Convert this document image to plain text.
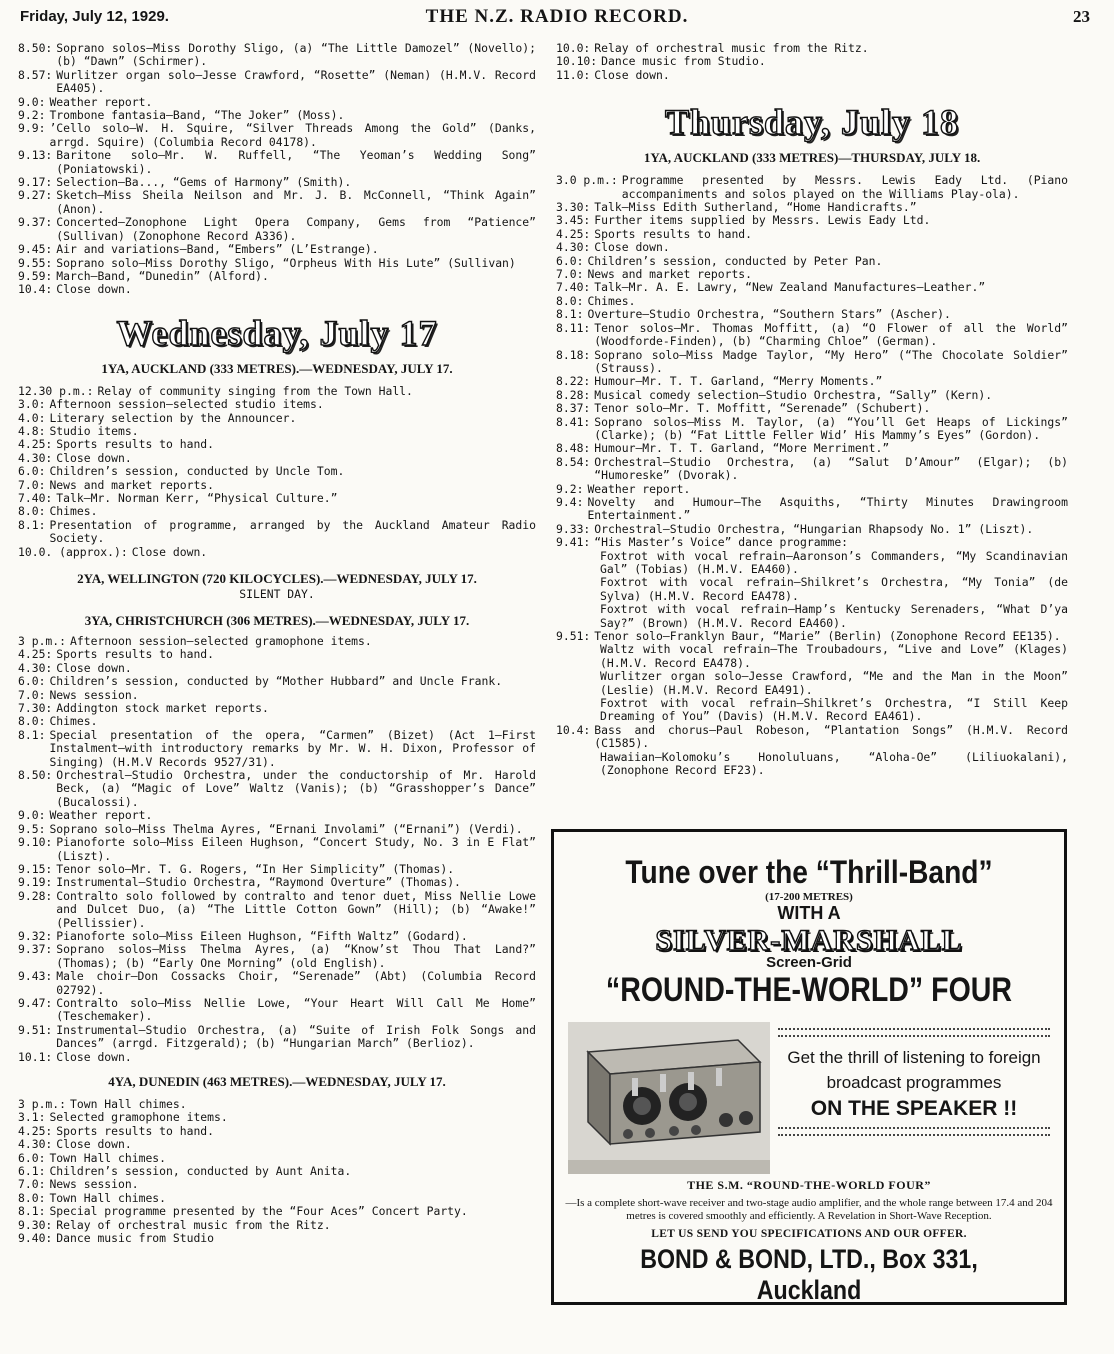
Friday, July 12, 1929.	THE N.Z. RADIO RECORD.	23
8.50: Soprano solos—Miss Dorothy Sligo, (a) “The Little Damozel” (Novello); (b) “Dawn” (Schirmer).
8.57: Wurlitzer organ solo—Jesse Crawford, “Rosette” (Neman) (H.M.V. Record EA405).
9.0: Weather report.
9.2: Trombone fantasia—Band, “The Joker” (Moss).
9.9: ’Cello solo—W. H. Squire, “Silver Threads Among the Gold” (Danks, arrgd. Squire) (Columbia Record 04178).
9.13: Baritone solo—Mr. W. Ruffell, “The Yeoman’s Wedding Song” (Poniatowski).
9.17: Selection—Ba..., “Gems of Harmony” (Smith).
9.27: Sketch—Miss Sheila Neilson and Mr. J. B. McConnell, “Think Again” (Anon).
9.37: Concerted—Zonophone Light Opera Company, Gems from “Patience” (Sullivan) (Zonophone Record A336).
9.45: Air and variations—Band, “Embers” (L’Estrange).
9.55: Soprano solo—Miss Dorothy Sligo, “Orpheus With His Lute” (Sullivan)
9.59: March—Band, “Dunedin” (Alford).
10.4: Close down.
Wednesday, July 17

1YA, AUCKLAND (333 METRES).—WEDNESDAY, JULY 17.

12.30 p.m.: Relay of community singing from the Town Hall.
3.0: Afternoon session—selected studio items.
4.0: Literary selection by the Announcer.
4.8: Studio items.
4.25: Sports results to hand.
4.30: Close down.
6.0: Children’s session, conducted by Uncle Tom.
7.0: News and market reports.
7.40: Talk—Mr. Norman Kerr, “Physical Culture.”
8.0: Chimes.
8.1: Presentation of programme, arranged by the Auckland Amateur Radio Society.
10.0. (approx.): Close down.

2YA, WELLINGTON (720 KILOCYCLES).—WEDNESDAY, JULY 17.

SILENT DAY.

3YA, CHRISTCHURCH (306 METRES).—WEDNESDAY, JULY 17.

3 p.m.: Afternoon session—selected gramophone items.
4.25: Sports results to hand.
4.30: Close down.
6.0: Children’s session, conducted by “Mother Hubbard” and Uncle Frank.
7.0: News session.
7.30: Addington stock market reports.
8.0: Chimes.
8.1: Special presentation of the opera, “Carmen” (Bizet) (Act 1—First Instalment—with introductory remarks by Mr. W. H. Dixon, Professor of Singing) (H.M.V Records 9527/31).
8.50: Orchestral—Studio Orchestra, under the conductorship of Mr. Harold Beck, (a) “Magic of Love” Waltz (Vanis); (b) “Grasshopper’s Dance” (Bucalossi).
9.0: Weather report.
9.5: Soprano solo—Miss Thelma Ayres, “Ernani Involami” (“Ernani”) (Verdi).
9.10: Pianoforte solo—Miss Eileen Hughson, “Concert Study, No. 3 in E Flat” (Liszt).
9.15: Tenor solo—Mr. T. G. Rogers, “In Her Simplicity” (Thomas).
9.19: Instrumental—Studio Orchestra, “Raymond Overture” (Thomas).
9.28: Contralto solo followed by contralto and tenor duet, Miss Nellie Lowe and Dulcet Duo, (a) “The Little Cotton Gown” (Hill); (b) “Awake!” (Pellissier).
9.32: Pianoforte solo—Miss Eileen Hughson, “Fifth Waltz” (Godard).
9.37: Soprano solos—Miss Thelma Ayres, (a) “Know’st Thou That Land?” (Thomas); (b) “Early One Morning” (old English).
9.43: Male choir—Don Cossacks Choir, “Serenade” (Abt) (Columbia Record 02792).
9.47: Contralto solo—Miss Nellie Lowe, “Your Heart Will Call Me Home” (Teschemaker).
9.51: Instrumental—Studio Orchestra, (a) “Suite of Irish Folk Songs and Dances” (arrgd. Fitzgerald); (b) “Hungarian March” (Berlioz).
10.1: Close down.

4YA, DUNEDIN (463 METRES).—WEDNESDAY, JULY 17.

3 p.m.: Town Hall chimes.
3.1: Selected gramophone items.
4.25: Sports results to hand.
4.30: Close down.
6.0: Town Hall chimes.
6.1: Children’s session, conducted by Aunt Anita.
7.0: News session.
8.0: Town Hall chimes.
8.1: Special programme presented by the “Four Aces” Concert Party.
9.30: Relay of orchestral music from the Ritz.
9.40: Dance music from Studio
10.0: Relay of orchestral music from the Ritz.
10.10: Dance music from Studio.
11.0: Close down.
Thursday, July 18

1YA, AUCKLAND (333 METRES)—THURSDAY, JULY 18.

3.0 p.m.: Programme presented by Messrs. Lewis Eady Ltd. (Piano accompaniments and solos played on the Williams Play-ola).
3.30: Talk—Miss Edith Sutherland, “Home Handicrafts.”
3.45: Further items supplied by Messrs. Lewis Eady Ltd.
4.25: Sports results to hand.
4.30: Close down.
6.0: Children’s session, conducted by Peter Pan.
7.0: News and market reports.
7.40: Talk—Mr. A. E. Lawry, “New Zealand Manufactures—Leather.”
8.0: Chimes.
8.1: Overture—Studio Orchestra, “Southern Stars” (Ascher).
8.11: Tenor solos—Mr. Thomas Moffitt, (a) “O Flower of all the World” (Woodforde-Finden), (b) “Charming Chloe” (German).
8.18: Soprano solo—Miss Madge Taylor, “My Hero” (“The Chocolate Soldier” (Strauss).
8.22: Humour—Mr. T. T. Garland, “Merry Moments.”
8.28: Musical comedy selection—Studio Orchestra, “Sally” (Kern).
8.37: Tenor solo—Mr. T. Moffitt, “Serenade” (Schubert).
8.41: Soprano solos—Miss M. Taylor, (a) “You’ll Get Heaps of Lickings” (Clarke); (b) “Fat Little Feller Wid’ His Mammy’s Eyes” (Gordon).
8.48: Humour—Mr. T. T. Garland, “More Merriment.”
8.54: Orchestral—Studio Orchestra, (a) “Salut D’Amour” (Elgar); (b) “Humoreske” (Dvorak).
9.2: Weather report.
9.4: Novelty and Humour—The Asquiths, “Thirty Minutes Drawingroom Entertainment.”
9.33: Orchestral—Studio Orchestra, “Hungarian Rhapsody No. 1” (Liszt).
9.41: “His Master’s Voice” dance programme:
Foxtrot with vocal refrain—Aaronson’s Commanders, “My Scandinavian Gal” (Tobias) (H.M.V. EA460).
Foxtrot with vocal refrain—Shilkret’s Orchestra, “My Tonia” (de Sylva) (H.M.V. Record EA478).
Foxtrot with vocal refrain—Hamp’s Kentucky Serenaders, “What D’ya Say?” (Brown) (H.M.V. Record EA460).
9.51: Tenor solo—Franklyn Baur, “Marie” (Berlin) (Zonophone Record EE135).
Waltz with vocal refrain—The Troubadours, “Live and Love” (Klages) (H.M.V. Record EA478).
Wurlitzer organ solo—Jesse Crawford, “Me and the Man in the Moon” (Leslie) (H.M.V. Record EA491).
Foxtrot with vocal refrain—Shilkret’s Orchestra, “I Still Keep Dreaming of You” (Davis) (H.M.V. Record EA461).
10.4: Bass and chorus—Paul Robeson, “Plantation Songs” (H.M.V. Record (C1585).
Hawaiian—Kolomoku’s Honoluluans, “Aloha-Oe” (Liliuokalani), (Zonophone Record EF23).
Tune over the “Thrill-Band”
(17-200 METRES)
WITH A
SILVER-MARSHALL
Screen-Grid
“ROUND-THE-WORLD” FOUR
Get the thrill of listening to foreign broadcast programmes
ON THE SPEAKER !!
THE S.M. “ROUND-THE-WORLD FOUR”
—Is a complete short-wave receiver and two-stage audio amplifier, and the whole range between 17.4 and 204 metres is covered smoothly and efficiently. A Revelation in Short-Wave Reception.
LET US SEND YOU SPECIFICATIONS AND OUR OFFER.
BOND & BOND, LTD., Box 331, Auckland
